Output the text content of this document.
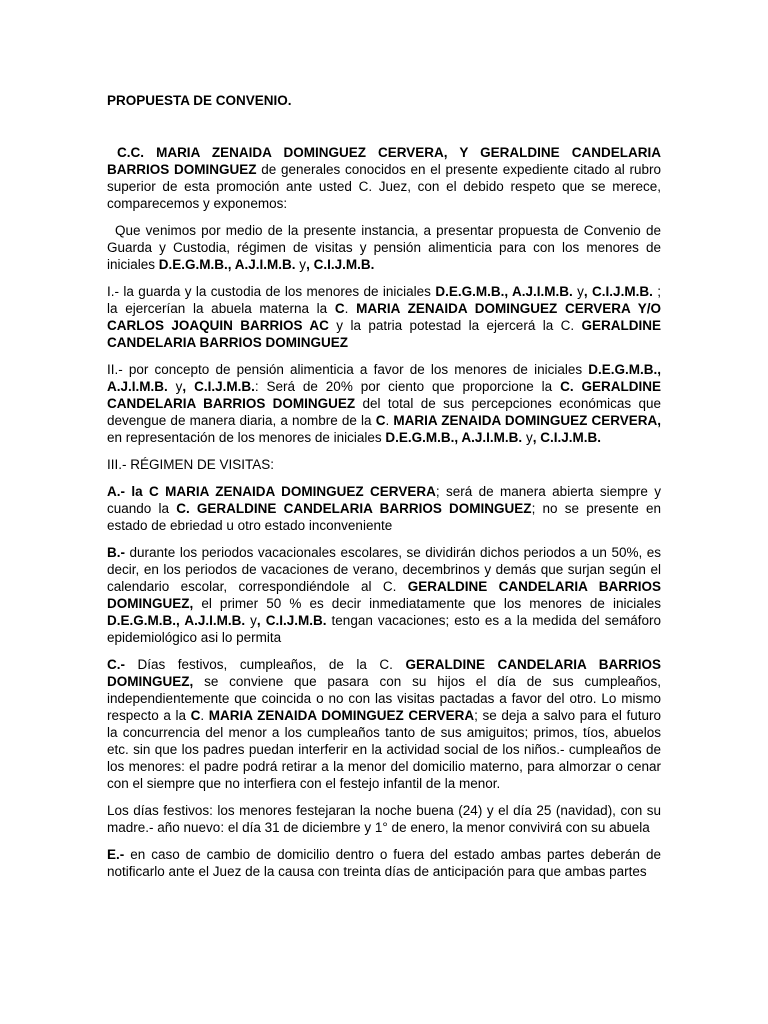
PROPUESTA DE CONVENIO.

C.C. MARIA ZENAIDA DOMINGUEZ CERVERA, Y GERALDINE CANDELARIA BARRIOS DOMINGUEZ de generales conocidos en el presente expediente citado al rubro superior de esta promoción ante usted C. Juez, con el debido respeto que se merece, comparecemos y exponemos:

Que venimos por medio de la presente instancia, a presentar propuesta de Convenio de Guarda y Custodia, régimen de visitas y pensión alimenticia para con los menores de iniciales D.E.G.M.B., A.J.I.M.B. y, C.I.J.M.B.

I.- la guarda y la custodia de los menores de iniciales D.E.G.M.B., A.J.I.M.B. y, C.I.J.M.B. ; la ejercerían la abuela materna la C. MARIA ZENAIDA DOMINGUEZ CERVERA Y/O CARLOS JOAQUIN BARRIOS AC y la patria potestad la ejercerá la C. GERALDINE CANDELARIA BARRIOS DOMINGUEZ

II.- por concepto de pensión alimenticia a favor de los menores de iniciales D.E.G.M.B., A.J.I.M.B. y, C.I.J.M.B.: Será de 20% por ciento que proporcione la C. GERALDINE CANDELARIA BARRIOS DOMINGUEZ del total de sus percepciones económicas que devengue de manera diaria, a nombre de la C. MARIA ZENAIDA DOMINGUEZ CERVERA, en representación de los menores de iniciales D.E.G.M.B., A.J.I.M.B. y, C.I.J.M.B.

III.- RÉGIMEN DE VISITAS:

A.- la C MARIA ZENAIDA DOMINGUEZ CERVERA; será de manera abierta siempre y cuando la C. GERALDINE CANDELARIA BARRIOS DOMINGUEZ; no se presente en estado de ebriedad u otro estado inconveniente

B.- durante los periodos vacacionales escolares, se dividirán dichos periodos a un 50%, es decir, en los periodos de vacaciones de verano, decembrinos y demás que surjan según el calendario escolar, correspondiéndole al C. GERALDINE CANDELARIA BARRIOS DOMINGUEZ, el primer 50 % es decir inmediatamente que los menores de iniciales D.E.G.M.B., A.J.I.M.B. y, C.I.J.M.B. tengan vacaciones; esto es a la medida del semáforo epidemiológico asi lo permita

C.- Días festivos, cumpleaños, de la C. GERALDINE CANDELARIA BARRIOS DOMINGUEZ, se conviene que pasara con su hijos el día de sus cumpleaños, independientemente que coincida o no con las visitas pactadas a favor del otro. Lo mismo respecto a la C. MARIA ZENAIDA DOMINGUEZ CERVERA; se deja a salvo para el futuro la concurrencia del menor a los cumpleaños tanto de sus amiguitos; primos, tíos, abuelos etc. sin que los padres puedan interferir en la actividad social de los niños.- cumpleaños de los menores: el padre podrá retirar a la menor del domicilio materno, para almorzar o cenar con el siempre que no interfiera con el festejo infantil de la menor.

Los días festivos: los menores festejaran la noche buena (24) y el día 25 (navidad), con su madre.- año nuevo: el día 31 de diciembre y 1° de enero, la menor convivirá con su abuela

E.- en caso de cambio de domicilio dentro o fuera del estado ambas partes deberán de notificarlo ante el Juez de la causa con treinta días de anticipación para que ambas partes
